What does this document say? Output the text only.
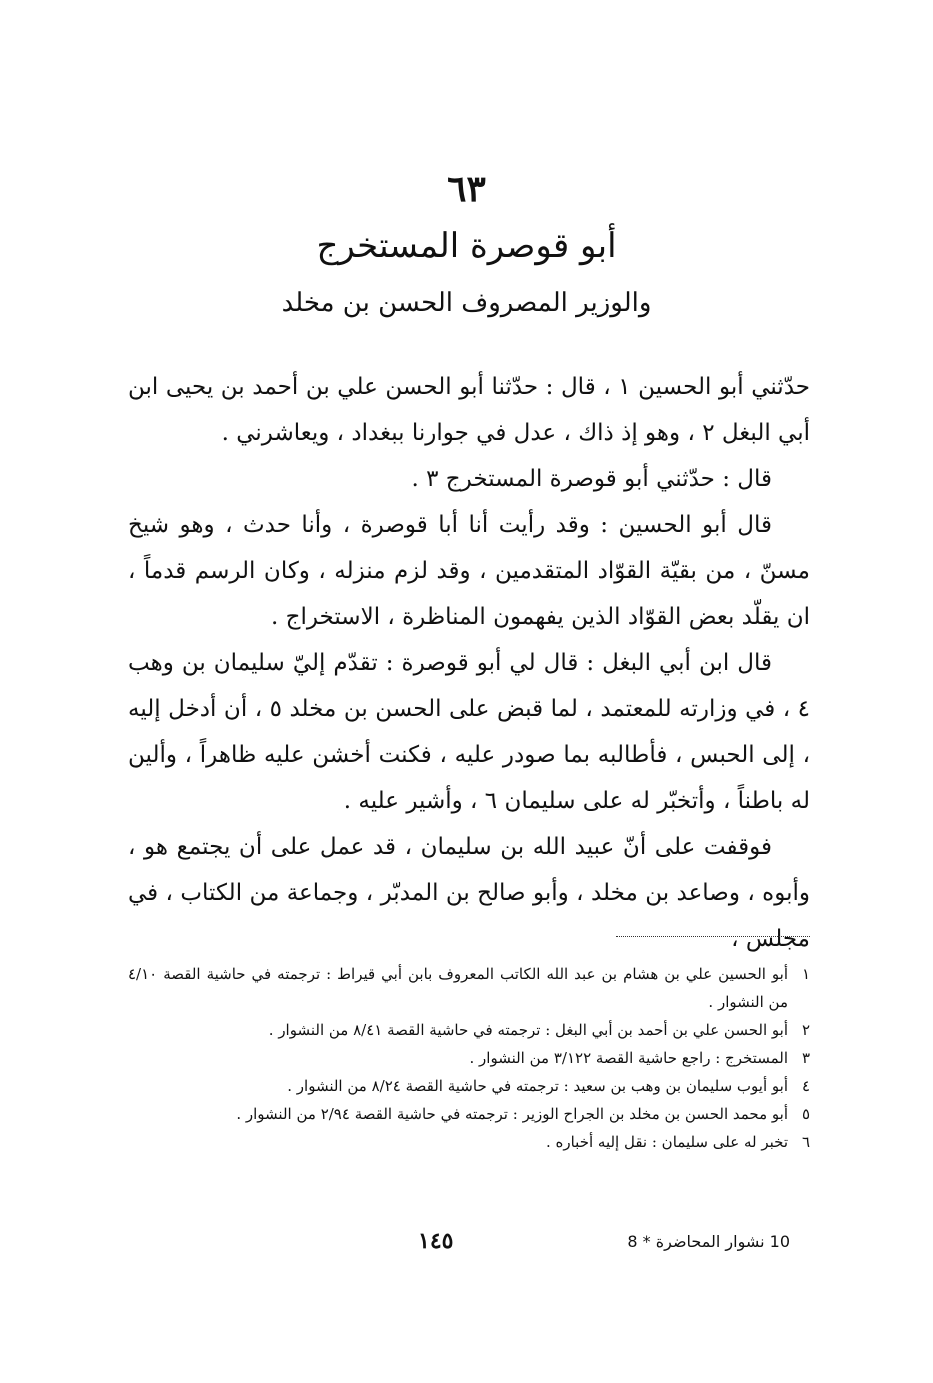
٦٣
أبو قوصرة المستخرج
والوزير المصروف الحسن بن مخلد

حدّثني أبو الحسين ١ ، قال : حدّثنا أبو الحسن علي بن أحمد بن يحيى ابن أبي البغل ٢ ، وهو إذ ذاك ، عدل في جوارنا ببغداد ، ويعاشرني .

قال : حدّثني أبو قوصرة المستخرج ٣ .

قال أبو الحسين : وقد رأيت أنا أبا قوصرة ، وأنا حدث ، وهو شيخ مسنّ ، من بقيّة القوّاد المتقدمين ، وقد لزم منزله ، وكان الرسم قدماً ، ان يقلّد بعض القوّاد الذين يفهمون المناظرة ، الاستخراج .

قال ابن أبي البغل : قال لي أبو قوصرة : تقدّم إليّ سليمان بن وهب ٤ ، في وزارته للمعتمد ، لما قبض على الحسن بن مخلد ٥ ، أن أدخل إليه ، إلى الحبس ، فأطالبه بما صودر عليه ، فكنت أخشن عليه ظاهراً ، وألين له باطناً ، وأتخبّر له على سليمان ٦ ، وأشير عليه .

فوقفت على أنّ عبيد الله بن سليمان ، قد عمل على أن يجتمع هو ، وأبوه ، وصاعد بن مخلد ، وأبو صالح بن المدبّر ، وجماعة من الكتاب ، في مجلس ،

١
أبو الحسين علي بن هشام بن عبد الله الكاتب المعروف بابن أبي قيراط : ترجمته في حاشية القصة ٤/١٠ من النشوار .
٢
أبو الحسن علي بن أحمد بن أبي البغل : ترجمته في حاشية القصة ٨/٤١ من النشوار .
٣
المستخرج : راجع حاشية القصة ٣/١٢٢ من النشوار .
٤
أبو أيوب سليمان بن وهب بن سعيد : ترجمته في حاشية القصة ٨/٢٤ من النشوار .
٥
أبو محمد الحسن بن مخلد بن الجراح الوزير : ترجمته في حاشية القصة ٢/٩٤ من النشوار .
٦
تخبر له على سليمان : نقل إليه أخباره .
١٤٥	10 نشوار المحاضرة * 8
